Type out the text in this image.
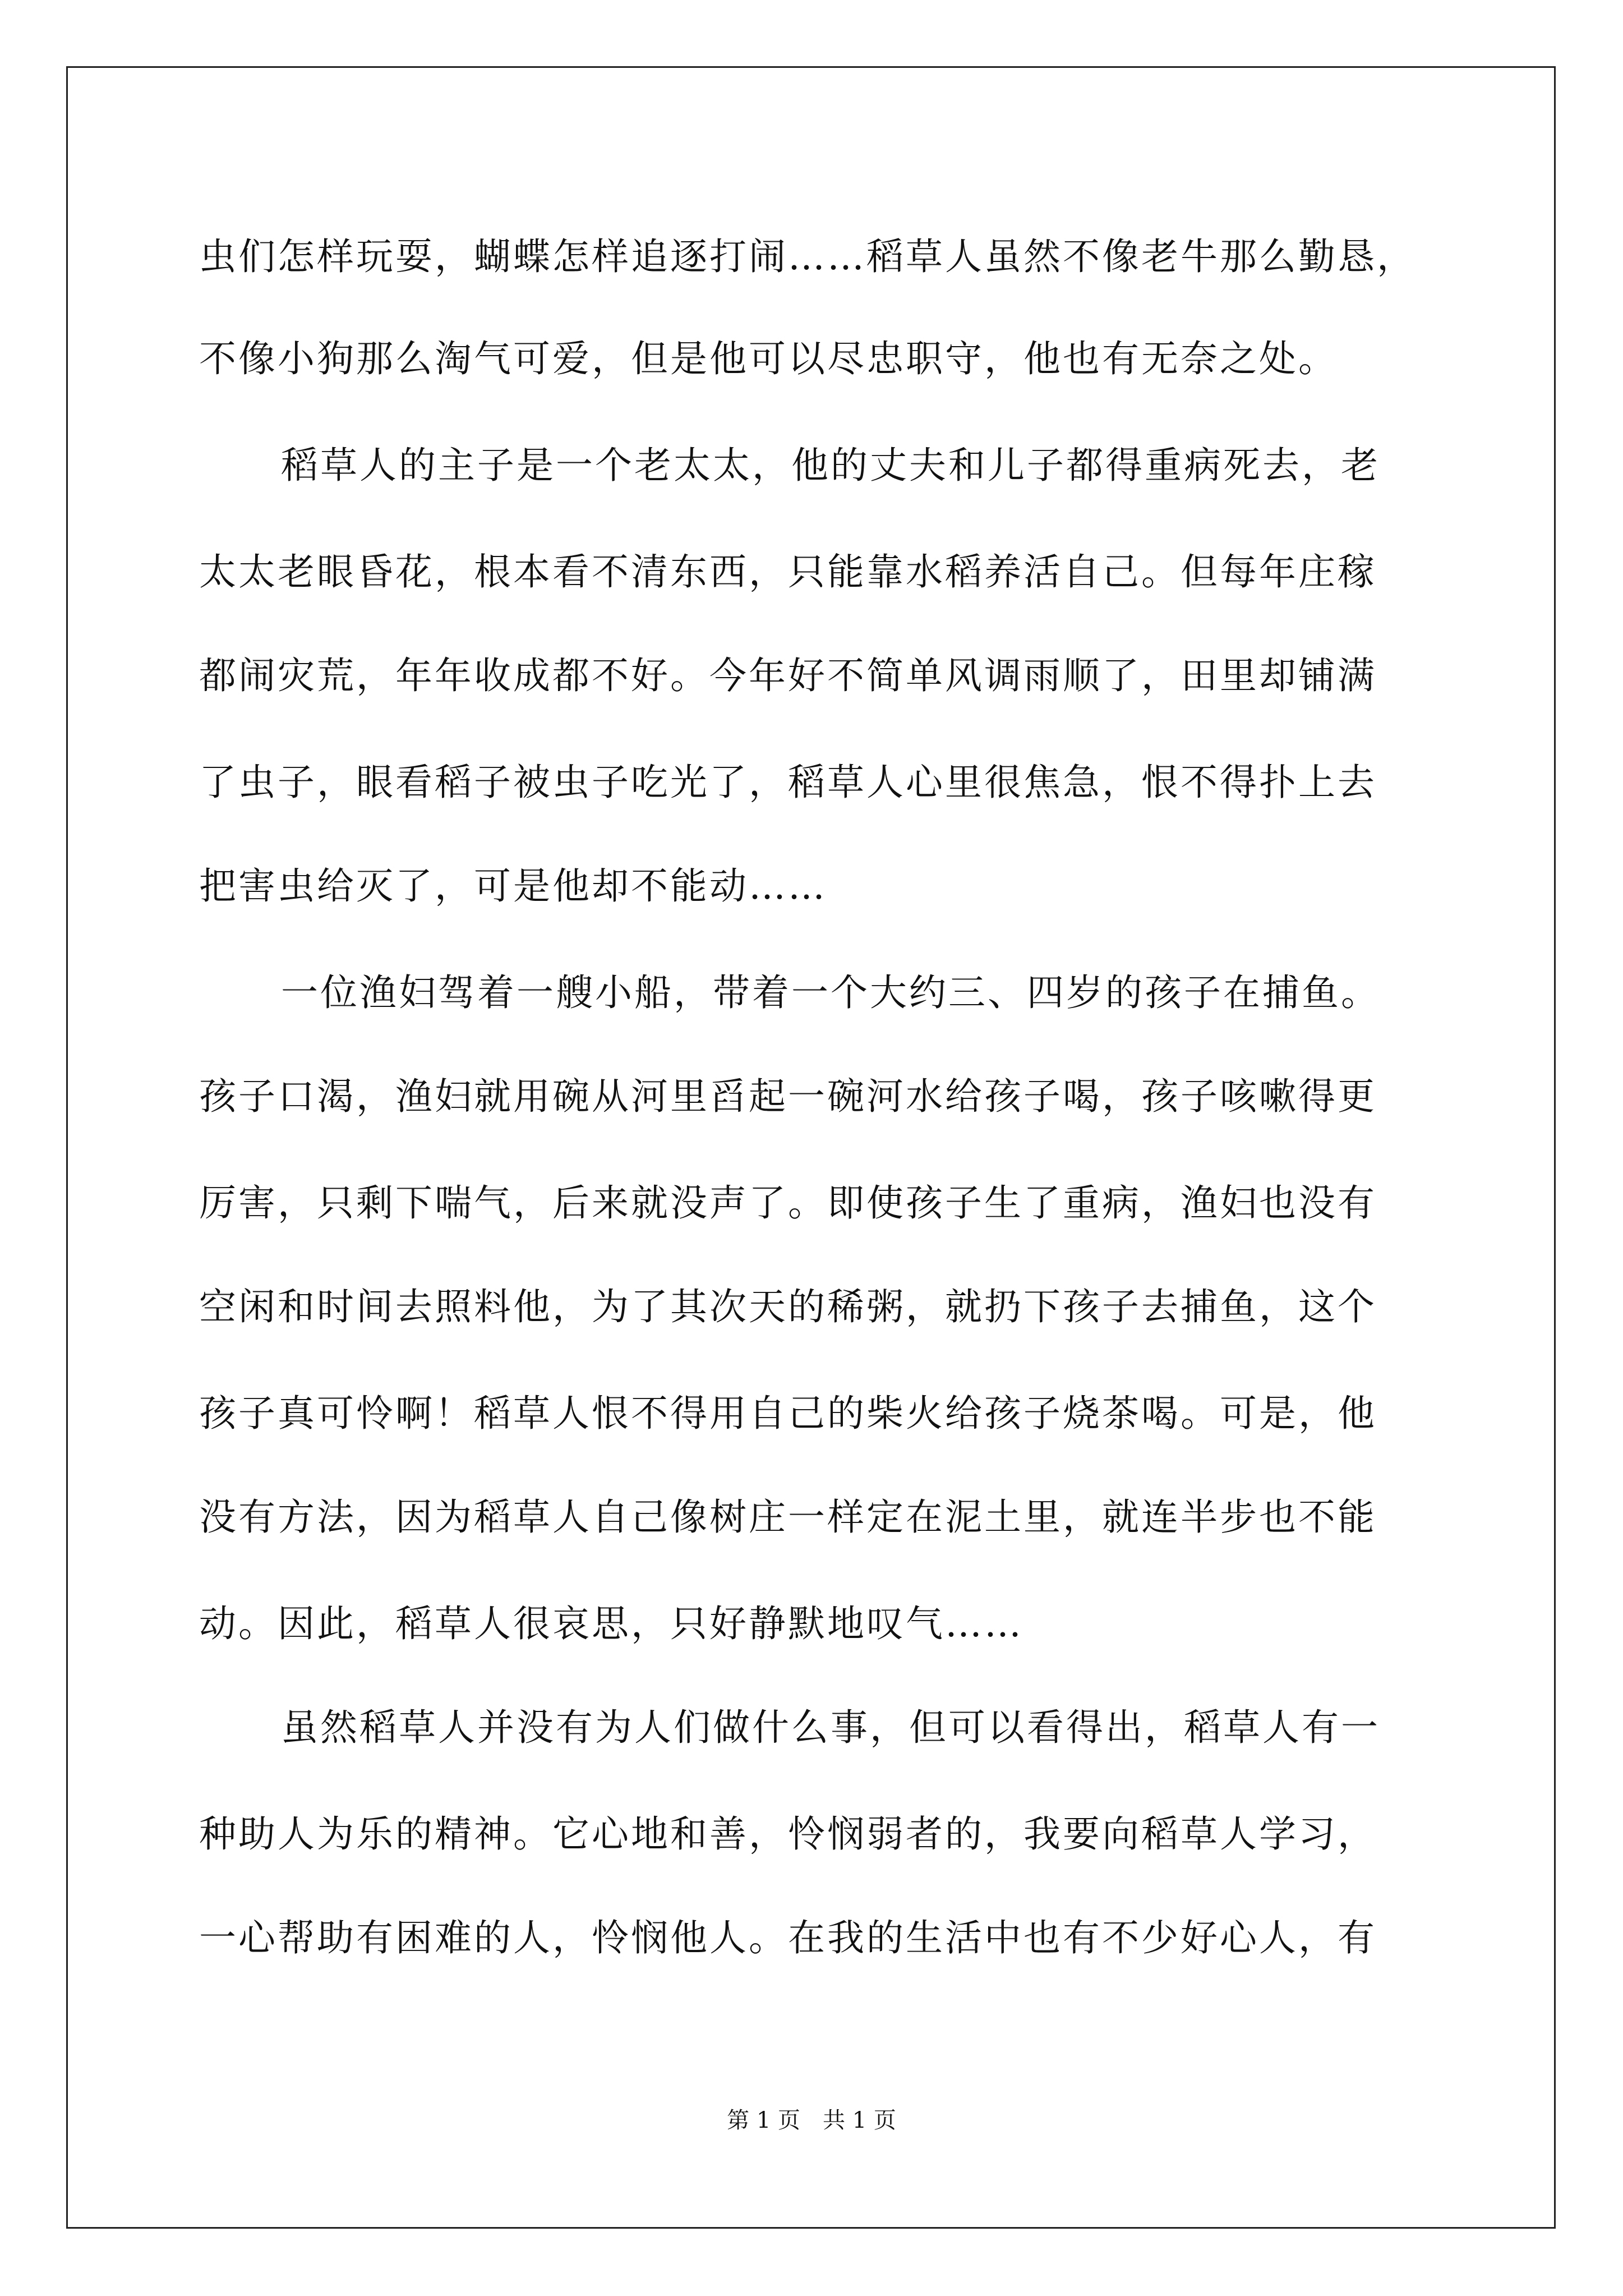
虫们怎样玩耍，蝴蝶怎样追逐打闹……稻草人虽然不像老牛那么勤恳，
不像小狗那么淘气可爱，但是他可以尽忠职守，他也有无奈之处。
稻草人的主子是一个老太太，他的丈夫和儿子都得重病死去，老
太太老眼昏花，根本看不清东西，只能靠水稻养活自己。但每年庄稼
都闹灾荒，年年收成都不好。今年好不简单风调雨顺了，田里却铺满
了虫子，眼看稻子被虫子吃光了，稻草人心里很焦急，恨不得扑上去
把害虫给灭了，可是他却不能动……
一位渔妇驾着一艘小船，带着一个大约三、四岁的孩子在捕鱼。
孩子口渴，渔妇就用碗从河里舀起一碗河水给孩子喝，孩子咳嗽得更
厉害，只剩下喘气，后来就没声了。即使孩子生了重病，渔妇也没有
空闲和时间去照料他，为了其次天的稀粥，就扔下孩子去捕鱼，这个
孩子真可怜啊！稻草人恨不得用自己的柴火给孩子烧茶喝。可是，他
没有方法，因为稻草人自己像树庄一样定在泥土里，就连半步也不能
动。因此，稻草人很哀思，只好静默地叹气……
虽然稻草人并没有为人们做什么事，但可以看得出，稻草人有一
种助人为乐的精神。它心地和善，怜悯弱者的，我要向稻草人学习，
一心帮助有困难的人，怜悯他人。在我的生活中也有不少好心人，有
第 1 页　共 1 页
